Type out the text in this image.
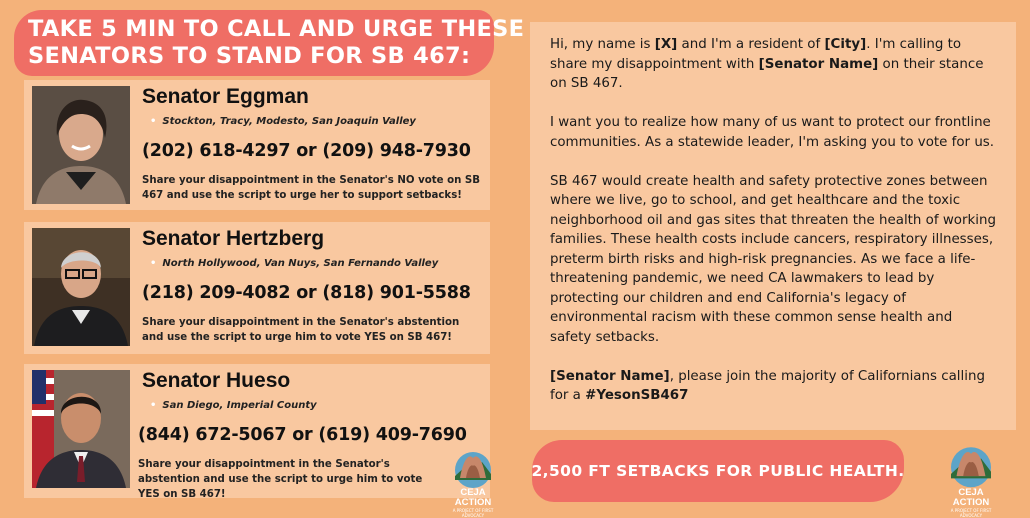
TAKE 5 MIN TO CALL AND URGE THESE
SENATORS TO STAND FOR SB 467:
Senator Eggman
• Stockton, Tracy, Modesto, San Joaquin Valley
(202) 618-4297 or (209) 948-7930
Share your disappointment in the Senator's NO vote on SB 467 and use the script to urge her to support setbacks!
Senator Hertzberg
• North Hollywood, Van Nuys, San Fernando Valley
(218) 209-4082 or (818) 901-5588
Share your disappointment in the Senator's abstention and use the script to urge him to vote YES on SB 467!
Senator Hueso
• San Diego, Imperial County
(844) 672-5067 or (619) 409-7690
Share your disappointment in the Senator's abstention and use the script to urge him to vote YES on SB 467!	CEJA ACTION
A PROJECT OF FIRST ADVOCACY

Hi, my name is [X] and I'm a resident of [City]. I'm calling to share my disappointment with [Senator Name] on their stance on SB 467.

I want you to realize how many of us want to protect our frontline communities. As a statewide leader, I'm asking you to vote for us.

SB 467 would create health and safety protective zones between where we live, go to school, and get healthcare and the toxic neighborhood oil and gas sites that threaten the health of working families. These health costs include cancers, respiratory illnesses, preterm birth risks and high-risk pregnancies. As we face a life-threatening pandemic, we need CA lawmakers to lead by protecting our children and end California's legacy of environmental racism with these common sense health and safety setbacks.

[Senator Name], please join the majority of Californians calling for a #YesonSB467

2,500 FT SETBACKS FOR PUBLIC HEALTH.
CEJA ACTION
A PROJECT OF FIRST ADVOCACY
